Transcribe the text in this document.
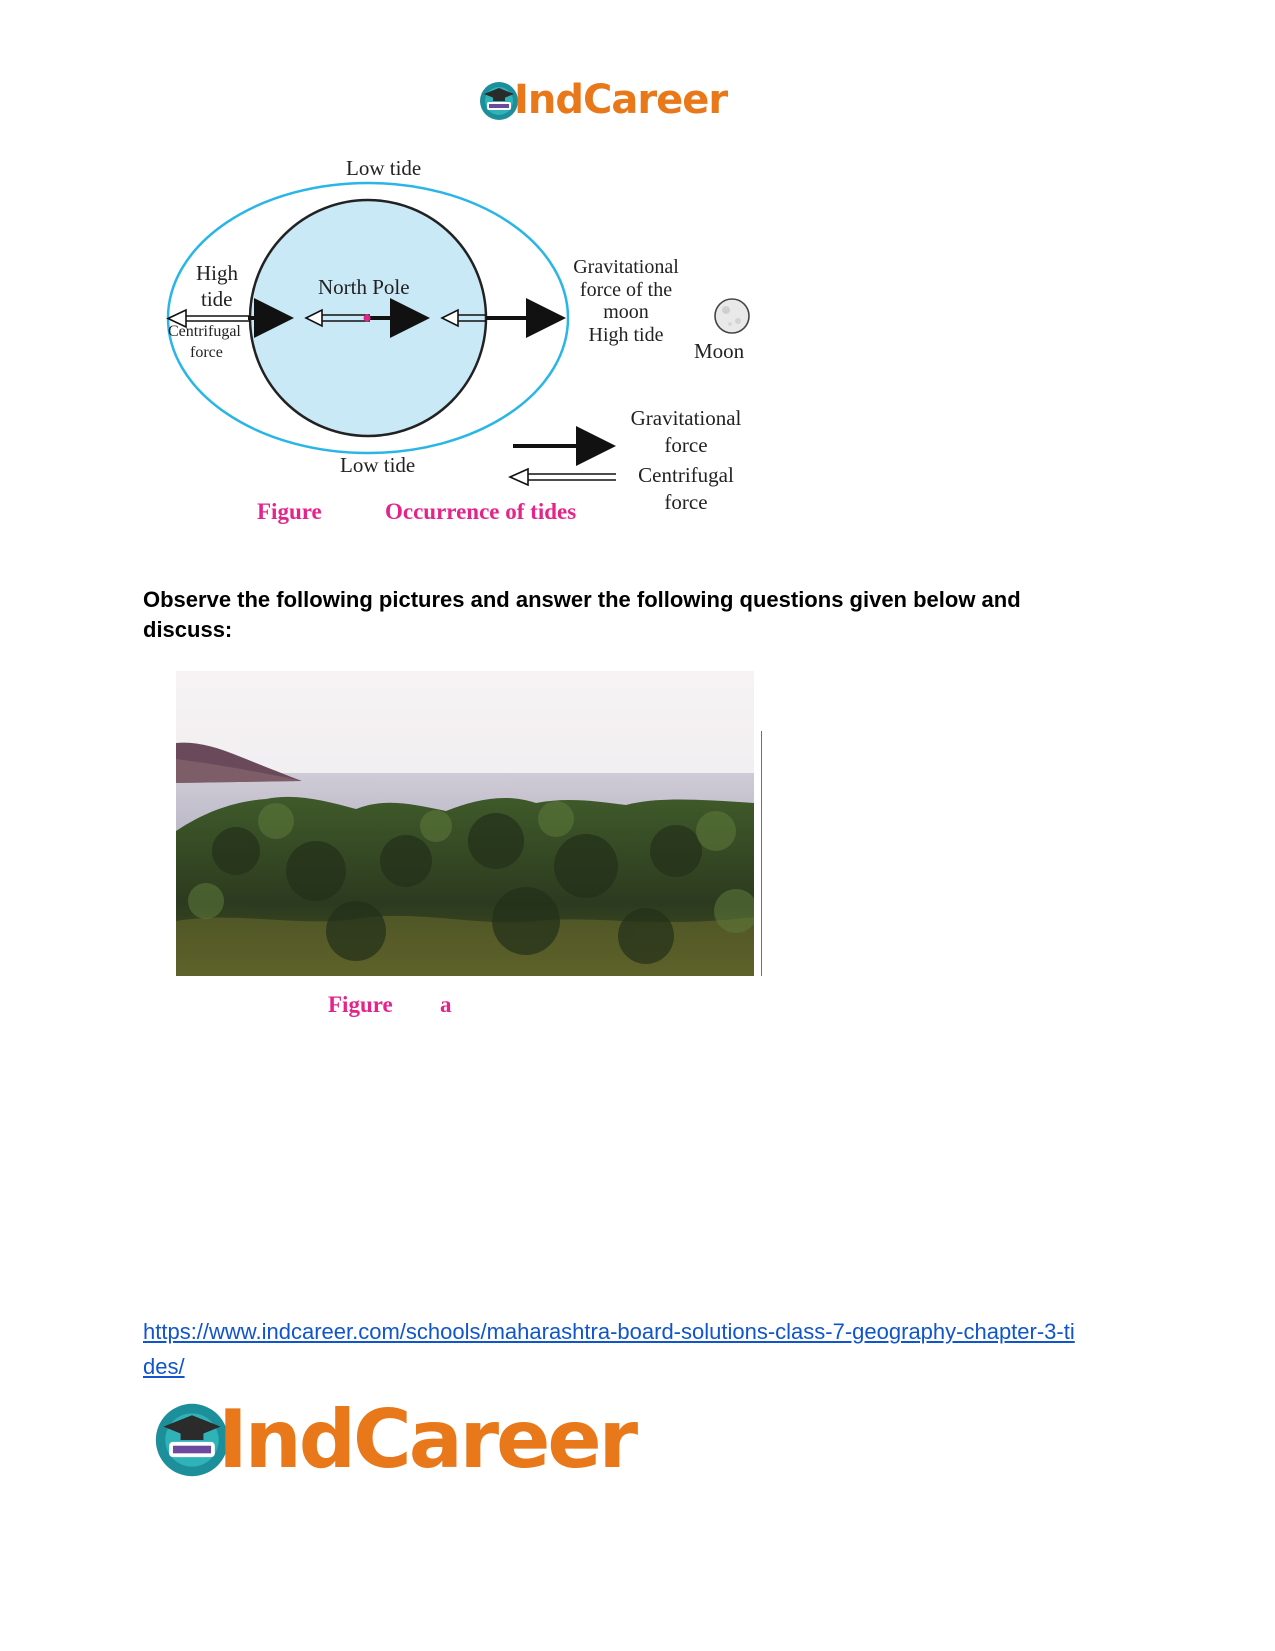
IndCareer
Low tide
Low tide
High
tide
Centrifugal
force
North Pole
Gravitational
force of the
moon
High tide
Moon
Gravitational
force
Centrifugal
force
Figure	Occurrence of tides
Observe the following pictures and answer the following questions given below and discuss:
Figure a
https://www.indcareer.com/schools/maharashtra-board-solutions-class-7-geography-chapter-3-ti
des/
IndCareer
